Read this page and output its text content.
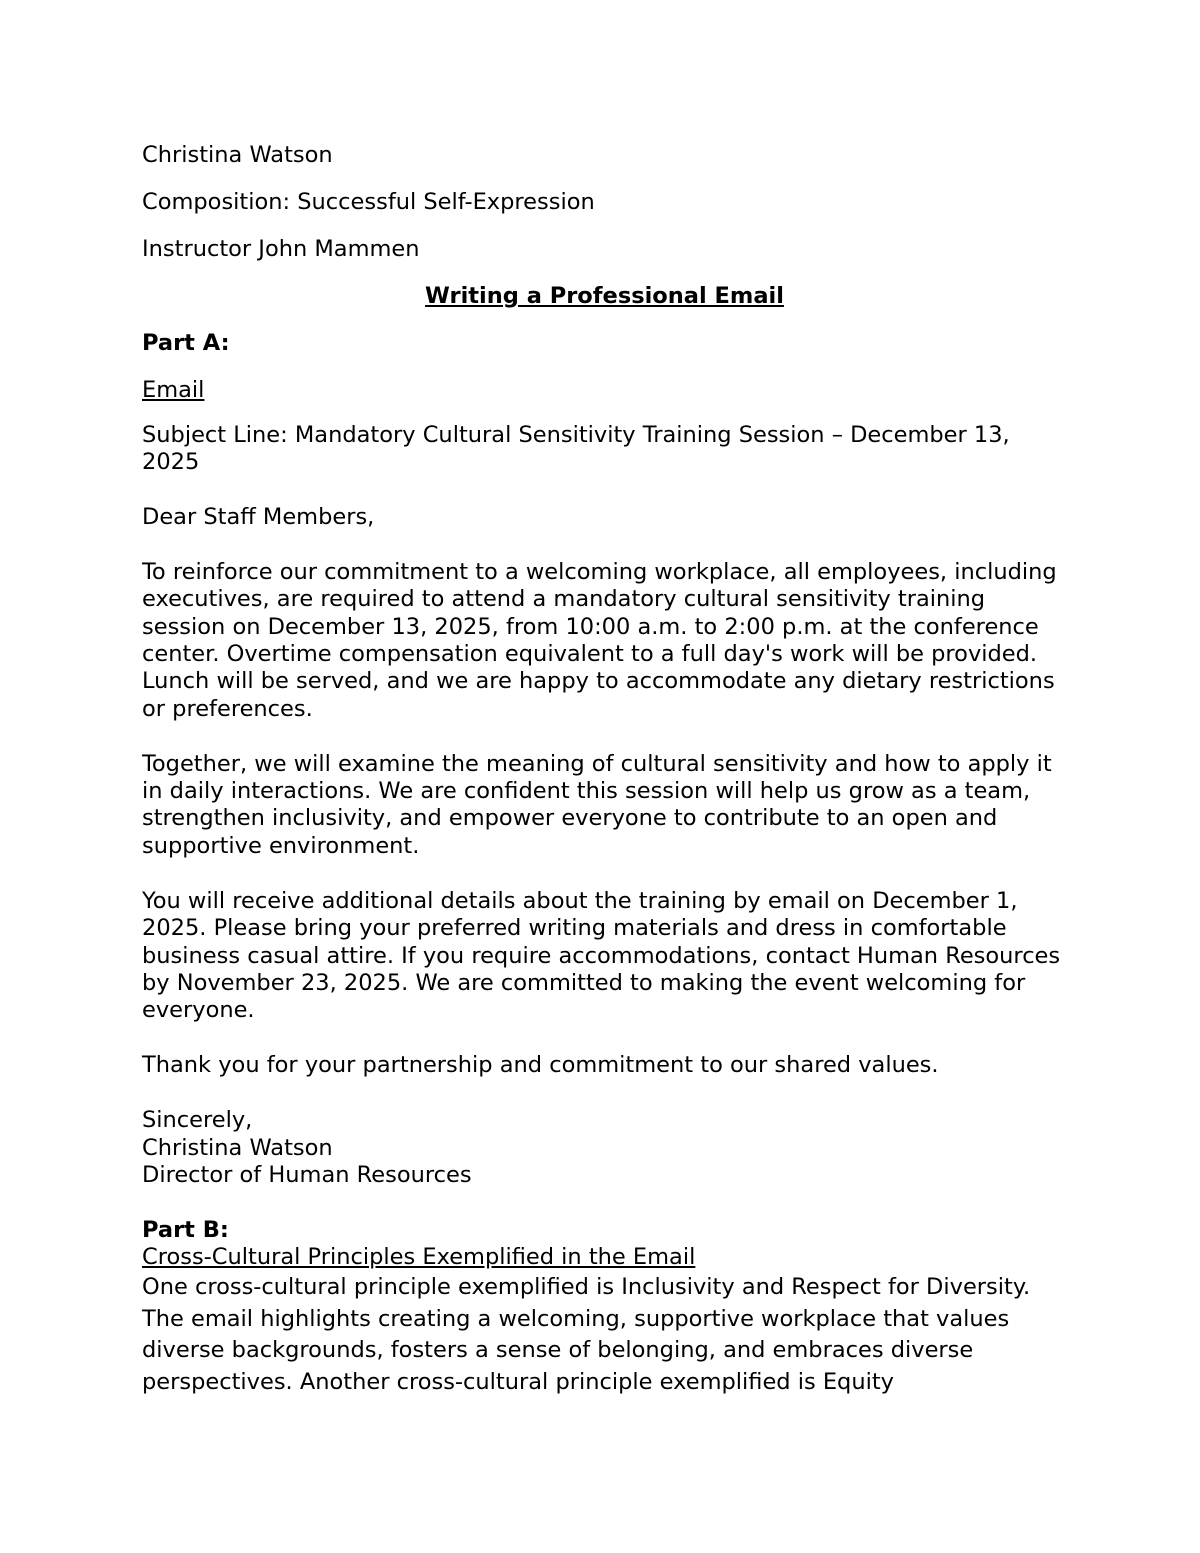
Christina Watson

Composition: Successful Self-Expression

Instructor John Mammen

Writing a Professional Email

Part A:

Email

Subject Line: Mandatory Cultural Sensitivity Training Session – December 13, 2025

Dear Staff Members,

To reinforce our commitment to a welcoming workplace, all employees, including executives, are required to attend a mandatory cultural sensitivity training session on December 13, 2025, from 10:00 a.m. to 2:00 p.m. at the conference center. Overtime compensation equivalent to a full day's work will be provided. Lunch will be served, and we are happy to accommodate any dietary restrictions or preferences.

Together, we will examine the meaning of cultural sensitivity and how to apply it in daily interactions. We are confident this session will help us grow as a team, strengthen inclusivity, and empower everyone to contribute to an open and supportive environment.

You will receive additional details about the training by email on December 1, 2025. Please bring your preferred writing materials and dress in comfortable business casual attire. If you require accommodations, contact Human Resources by November 23, 2025. We are committed to making the event welcoming for everyone.

Thank you for your partnership and commitment to our shared values.

Sincerely,

Christina Watson

Director of Human Resources

Part B:

Cross-Cultural Principles Exemplified in the Email

One cross-cultural principle exemplified is Inclusivity and Respect for Diversity. The email highlights creating a welcoming, supportive workplace that values diverse backgrounds, fosters a sense of belonging, and embraces diverse perspectives. Another cross-cultural principle exemplified is Equity
